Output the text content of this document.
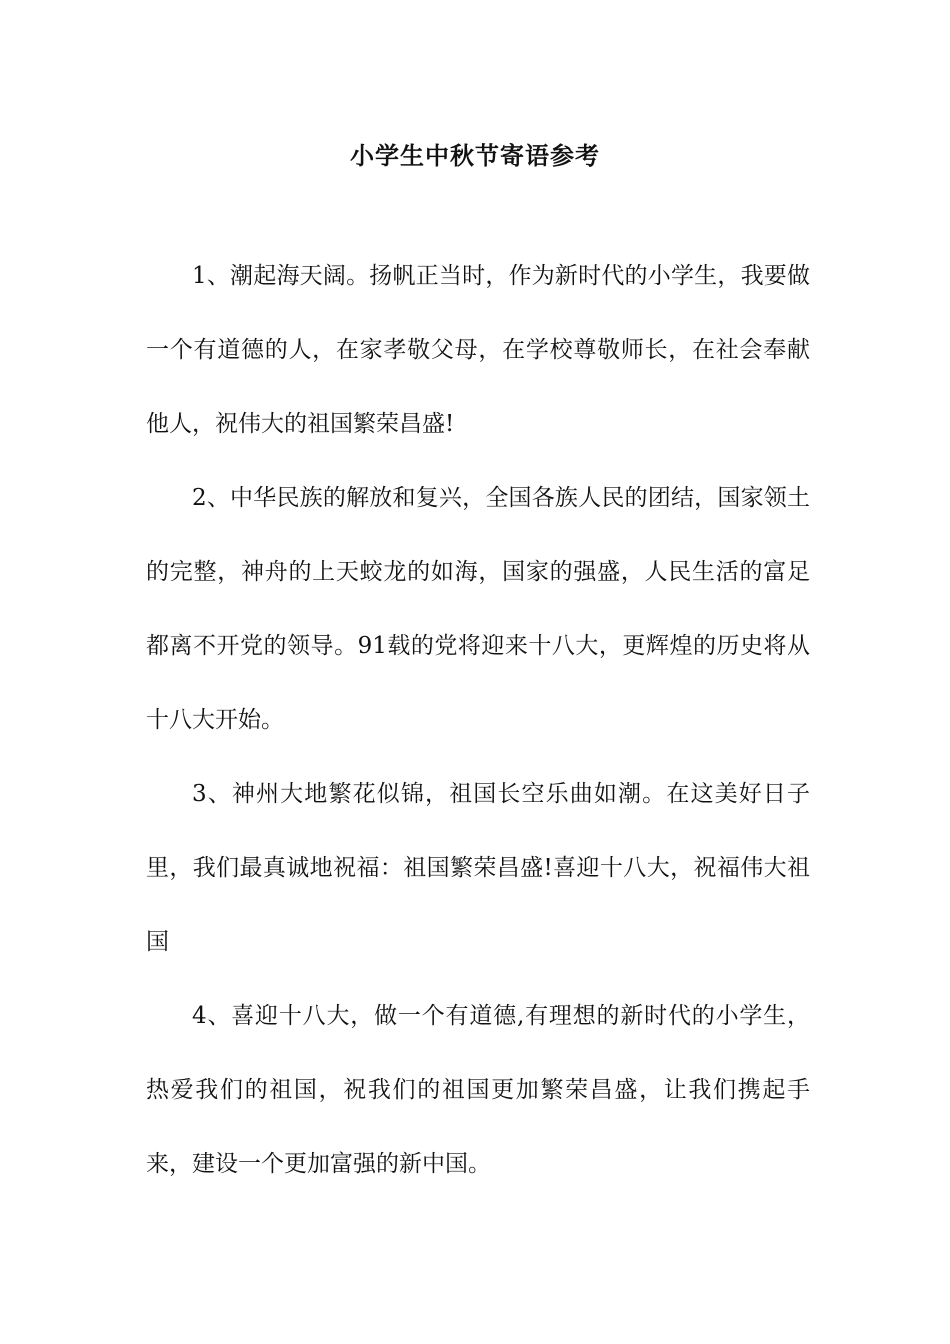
小学生中秋节寄语参考

1、潮起海天阔。扬帆正当时，作为新时代的小学生，我要做一个有道德的人，在家孝敬父母，在学校尊敬师长，在社会奉献他人，祝伟大的祖国繁荣昌盛!

2、中华民族的解放和复兴，全国各族人民的团结，国家领土的完整，神舟的上天蛟龙的如海，国家的强盛，人民生活的富足都离不开党的领导。91载的党将迎来十八大，更辉煌的历史将从十八大开始。

3、神州大地繁花似锦，祖国长空乐曲如潮。在这美好日子里，我们最真诚地祝福：祖国繁荣昌盛!喜迎十八大，祝福伟大祖国

4、喜迎十八大，做一个有道德,有理想的新时代的小学生，热爱我们的祖国，祝我们的祖国更加繁荣昌盛，让我们携起手来，建设一个更加富强的新中国。
